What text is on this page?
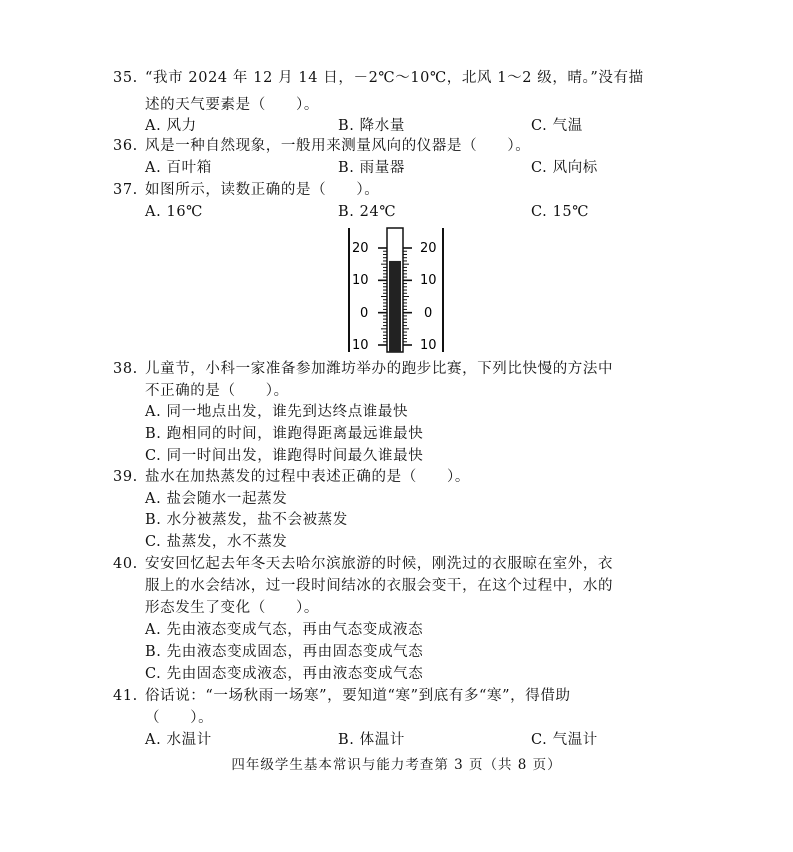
35. “我市 2024 年 12 月 14 日，－2℃～10℃，北风 1～2 级，晴。”没有描
述的天气要素是（　　）。
A. 风力	B. 降水量	C. 气温
36. 风是一种自然现象，一般用来测量风向的仪器是（　　）。
A. 百叶箱	B. 雨量器	C. 风向标
37. 如图所示，读数正确的是（　　）。
A. 16℃	B. 24℃	C. 15℃
20
10
0
10
20
10
0
10
38. 儿童节，小科一家准备参加潍坊举办的跑步比赛，下列比快慢的方法中
不正确的是（　　）。
A. 同一地点出发，谁先到达终点谁最快
B. 跑相同的时间，谁跑得距离最远谁最快
C. 同一时间出发，谁跑得时间最久谁最快
39. 盐水在加热蒸发的过程中表述正确的是（　　）。
A. 盐会随水一起蒸发
B. 水分被蒸发，盐不会被蒸发
C. 盐蒸发，水不蒸发
40. 安安回忆起去年冬天去哈尔滨旅游的时候，刚洗过的衣服晾在室外，衣
服上的水会结冰，过一段时间结冰的衣服会变干，在这个过程中，水的
形态发生了变化（　　）。
A. 先由液态变成气态，再由气态变成液态
B. 先由液态变成固态，再由固态变成气态
C. 先由固态变成液态，再由液态变成气态
41. 俗话说：“一场秋雨一场寒”，要知道“寒”到底有多“寒”，得借助
（　　）。
A. 水温计	B. 体温计	C. 气温计
四年级学生基本常识与能力考查第 3 页（共 8 页）
